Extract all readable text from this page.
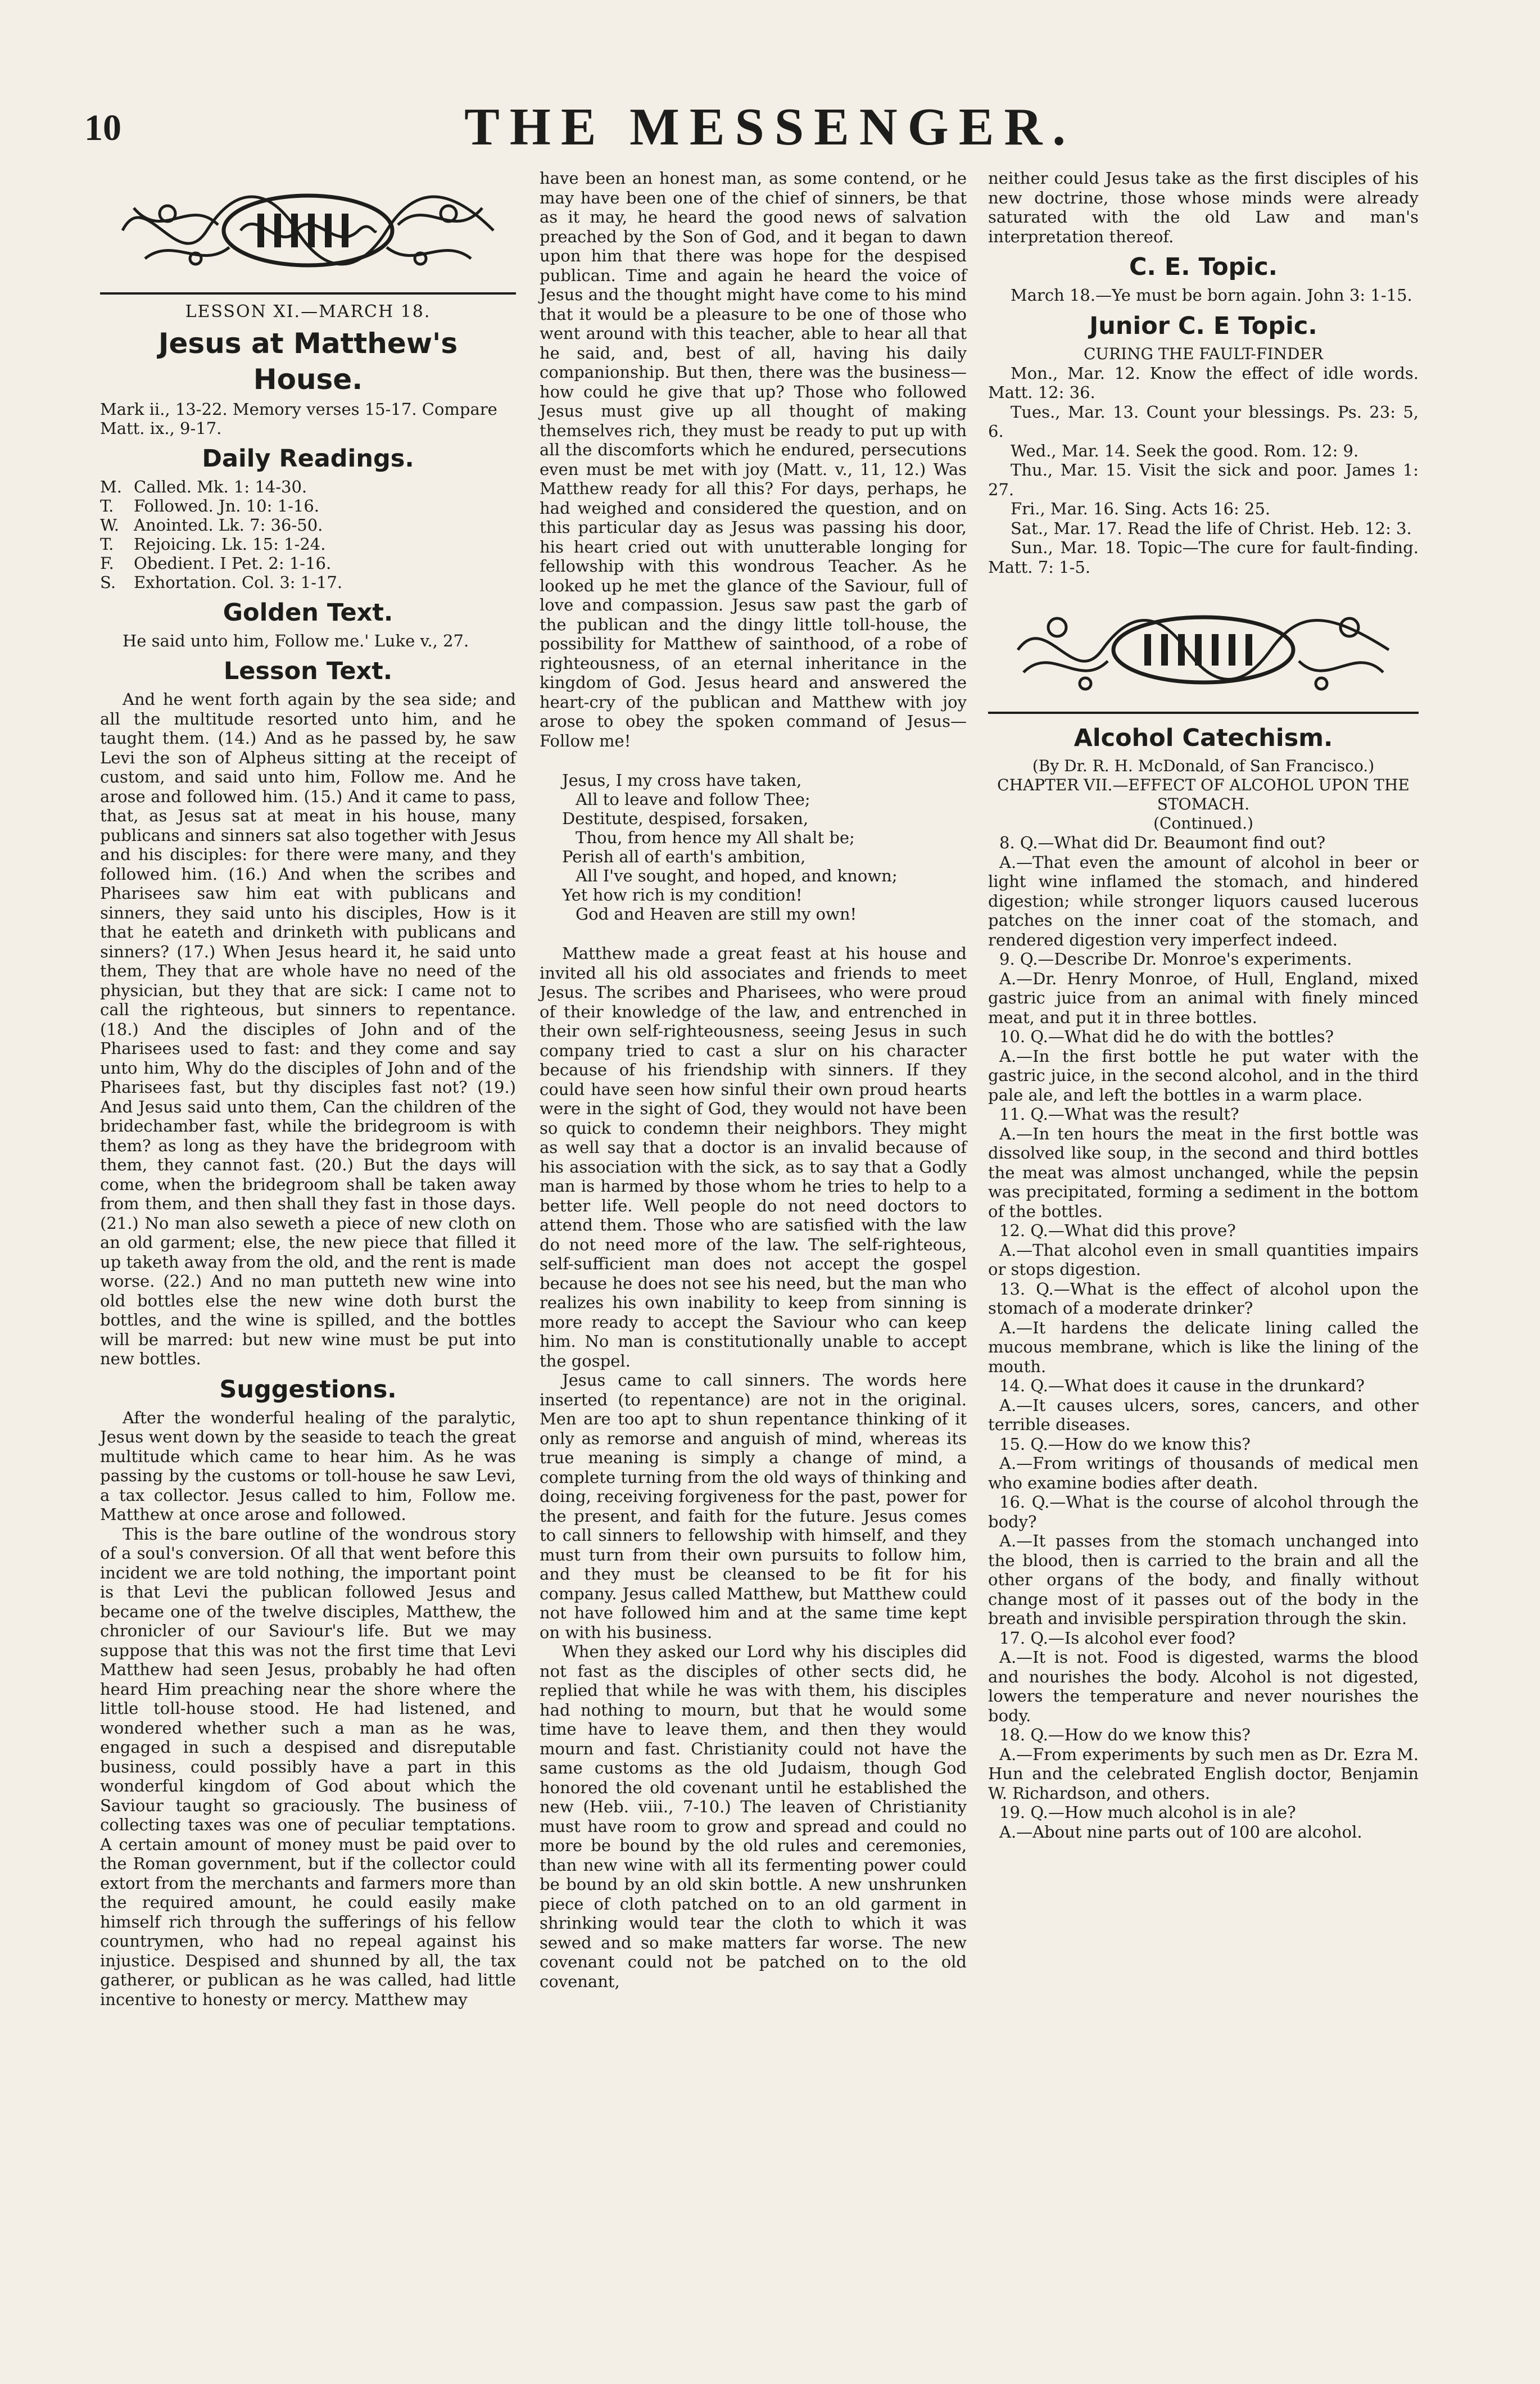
10	THE MESSENGER.
LESSON XI.—MARCH 18.
Jesus at Matthew's House.
Mark ii., 13-22. Memory verses 15-17. Compare Matt. ix., 9-17.
Daily Readings.
M. Called. Mk. 1: 14-30.
T.	Followed. Jn. 10: 1-16.
W. Anointed. Lk. 7: 36-50.
T.	Rejoicing. Lk. 15: 1-24.
F.	Obedient. I Pet. 2: 1-16.
S.	Exhortation. Col. 3: 1-17.
Golden Text.

He said unto him, Follow me.' Luke v., 27.

Lesson Text.

And he went forth again by the sea side; and all the multitude resorted unto him, and he taught them. (14.) And as he passed by, he saw Levi the son of Alpheus sitting at the receipt of custom, and said unto him, Follow me. And he arose and followed him. (15.) And it came to pass, that, as Jesus sat at meat in his house, many publicans and sinners sat also together with Jesus and his disciples: for there were many, and they followed him. (16.) And when the scribes and Pharisees saw him eat with publicans and sinners, they said unto his disciples, How is it that he eateth and drinketh with publicans and sinners? (17.) When Jesus heard it, he said unto them, They that are whole have no need of the physician, but they that are sick: I came not to call the righteous, but sinners to repentance. (18.) And the disciples of John and of the Pharisees used to fast: and they come and say unto him, Why do the disciples of John and of the Pharisees fast, but thy disciples fast not? (19.) And Jesus said unto them, Can the children of the bridechamber fast, while the bridegroom is with them? as long as they have the bridegroom with them, they cannot fast. (20.) But the days will come, when the bridegroom shall be taken away from them, and then shall they fast in those days. (21.) No man also seweth a piece of new cloth on an old garment; else, the new piece that filled it up taketh away from the old, and the rent is made worse. (22.) And no man putteth new wine into old bottles else the new wine doth burst the bottles, and the wine is spilled, and the bottles will be marred: but new wine must be put into new bottles.

Suggestions.

After the wonderful healing of the paralytic, Jesus went down by the seaside to teach the great multitude which came to hear him. As he was passing by the customs or toll-house he saw Levi, a tax collector. Jesus called to him, Follow me. Matthew at once arose and followed.

This is the bare outline of the wondrous story of a soul's conversion. Of all that went before this incident we are told nothing, the important point is that Levi the publican followed Jesus and became one of the twelve disciples, Matthew, the chronicler of our Saviour's life. But we may suppose that this was not the first time that Levi Matthew had seen Jesus, probably he had often heard Him preaching near the shore where the little toll-house stood. He had listened, and wondered whether such a man as he was, engaged in such a despised and disreputable business, could possibly have a part in this wonderful kingdom of God about which the Saviour taught so graciously. The business of collecting taxes was one of peculiar temptations. A certain amount of money must be paid over to the Roman government, but if the collector could extort from the merchants and farmers more than the required amount, he could easily make himself rich through the sufferings of his fellow countrymen, who had no repeal against his injustice. Despised and shunned by all, the tax gatherer, or publican as he was called, had little incentive to honesty or mercy. Matthew may

have been an honest man, as some contend, or he may have been one of the chief of sinners, be that as it may, he heard the good news of salvation preached by the Son of God, and it began to dawn upon him that there was hope for the despised publican. Time and again he heard the voice of Jesus and the thought might have come to his mind that it would be a pleasure to be one of those who went around with this teacher, able to hear all that he said, and, best of all, having his daily companionship. But then, there was the business—how could he give that up? Those who followed Jesus must give up all thought of making themselves rich, they must be ready to put up with all the discomforts which he endured, persecutions even must be met with joy (Matt. v., 11, 12.) Was Matthew ready for all this? For days, perhaps, he had weighed and considered the question, and on this particular day as Jesus was passing his door, his heart cried out with unutterable longing for fellowship with this wondrous Teacher. As he looked up he met the glance of the Saviour, full of love and compassion. Jesus saw past the garb of the publican and the dingy little toll-house, the possibility for Matthew of sainthood, of a robe of righteousness, of an eternal inheritance in the kingdom of God. Jesus heard and answered the heart-cry of the publican and Matthew with joy arose to obey the spoken command of Jesus—Follow me!

Jesus, I my cross have taken,
All to leave and follow Thee;
Destitute, despised, forsaken,
Thou, from hence my All shalt be;
Perish all of earth's ambition,
All I've sought, and hoped, and known;
Yet how rich is my condition!
God and Heaven are still my own!

Matthew made a great feast at his house and invited all his old associates and friends to meet Jesus. The scribes and Pharisees, who were proud of their knowledge of the law, and entrenched in their own self-righteousness, seeing Jesus in such company tried to cast a slur on his character because of his friendship with sinners. If they could have seen how sinful their own proud hearts were in the sight of God, they would not have been so quick to condemn their neighbors. They might as well say that a doctor is an invalid because of his association with the sick, as to say that a Godly man is harmed by those whom he tries to help to a better life. Well people do not need doctors to attend them. Those who are satisfied with the law do not need more of the law. The self-righteous, self-sufficient man does not accept the gospel because he does not see his need, but the man who realizes his own inability to keep from sinning is more ready to accept the Saviour who can keep him. No man is constitutionally unable to accept the gospel.

Jesus came to call sinners. The words here inserted (to repentance) are not in the original. Men are too apt to shun repentance thinking of it only as remorse and anguish of mind, whereas its true meaning is simply a change of mind, a complete turning from the old ways of thinking and doing, receiving forgiveness for the past, power for the present, and faith for the future. Jesus comes to call sinners to fellowship with himself, and they must turn from their own pursuits to follow him, and they must be cleansed to be fit for his company. Jesus called Matthew, but Matthew could not have followed him and at the same time kept on with his business.

When they asked our Lord why his disciples did not fast as the disciples of other sects did, he replied that while he was with them, his disciples had nothing to mourn, but that he would some time have to leave them, and then they would mourn and fast. Christianity could not have the same customs as the old Judaism, though God honored the old covenant until he established the new (Heb. viii., 7-10.) The leaven of Christianity must have room to grow and spread and could no more be bound by the old rules and ceremonies, than new wine with all its fermenting power could be bound by an old skin bottle. A new unshrunken piece of cloth patched on to an old garment in shrinking would tear the cloth to which it was sewed and so make matters far worse. The new covenant could not be patched on to the old covenant,

neither could Jesus take as the first disciples of his new doctrine, those whose minds were already saturated with the old Law and man's interpretation thereof.

C. E. Topic.

March 18.—Ye must be born again. John 3: 1-15.

Junior C. E Topic.
CURING THE FAULT-FINDER

Mon., Mar. 12. Know the effect of idle words. Matt. 12: 36.

Tues., Mar. 13. Count your blessings. Ps. 23: 5, 6.

Wed., Mar. 14. Seek the good. Rom. 12: 9.

Thu., Mar. 15. Visit the sick and poor. James 1: 27.

Fri., Mar. 16. Sing. Acts 16: 25.

Sat., Mar. 17. Read the life of Christ. Heb. 12: 3.

Sun., Mar. 18. Topic—The cure for fault-finding. Matt. 7: 1-5.

Alcohol Catechism.
(By Dr. R. H. McDonald, of San Francisco.)
CHAPTER VII.—EFFECT OF ALCOHOL UPON THE STOMACH.
(Continued.)

8. Q.—What did Dr. Beaumont find out?

A.—That even the amount of alcohol in beer or light wine inflamed the stomach, and hindered digestion; while stronger liquors caused lucerous patches on the inner coat of the stomach, and rendered digestion very imperfect indeed.

9. Q.—Describe Dr. Monroe's experiments.

A.—Dr. Henry Monroe, of Hull, England, mixed gastric juice from an animal with finely minced meat, and put it in three bottles.

10. Q.—What did he do with the bottles?

A.—In the first bottle he put water with the gastric juice, in the second alcohol, and in the third pale ale, and left the bottles in a warm place.

11. Q.—What was the result?

A.—In ten hours the meat in the first bottle was dissolved like soup, in the second and third bottles the meat was almost unchanged, while the pepsin was precipitated, forming a sediment in the bottom of the bottles.

12. Q.—What did this prove?

A.—That alcohol even in small quantities impairs or stops digestion.

13. Q.—What is the effect of alcohol upon the stomach of a moderate drinker?

A.—It hardens the delicate lining called the mucous membrane, which is like the lining of the mouth.

14. Q.—What does it cause in the drunkard?

A.—It causes ulcers, sores, cancers, and other terrible diseases.

15. Q.—How do we know this?

A.—From writings of thousands of medical men who examine bodies after death.

16. Q.—What is the course of alcohol through the body?

A.—It passes from the stomach unchanged into the blood, then is carried to the brain and all the other organs of the body, and finally without change most of it passes out of the body in the breath and invisible perspiration through the skin.

17. Q.—Is alcohol ever food?

A.—It is not. Food is digested, warms the blood and nourishes the body. Alcohol is not digested, lowers the temperature and never nourishes the body.

18. Q.—How do we know this?

A.—From experiments by such men as Dr. Ezra M. Hun and the celebrated English doctor, Benjamin W. Richardson, and others.

19. Q.—How much alcohol is in ale?

A.—About nine parts out of 100 are alcohol.
